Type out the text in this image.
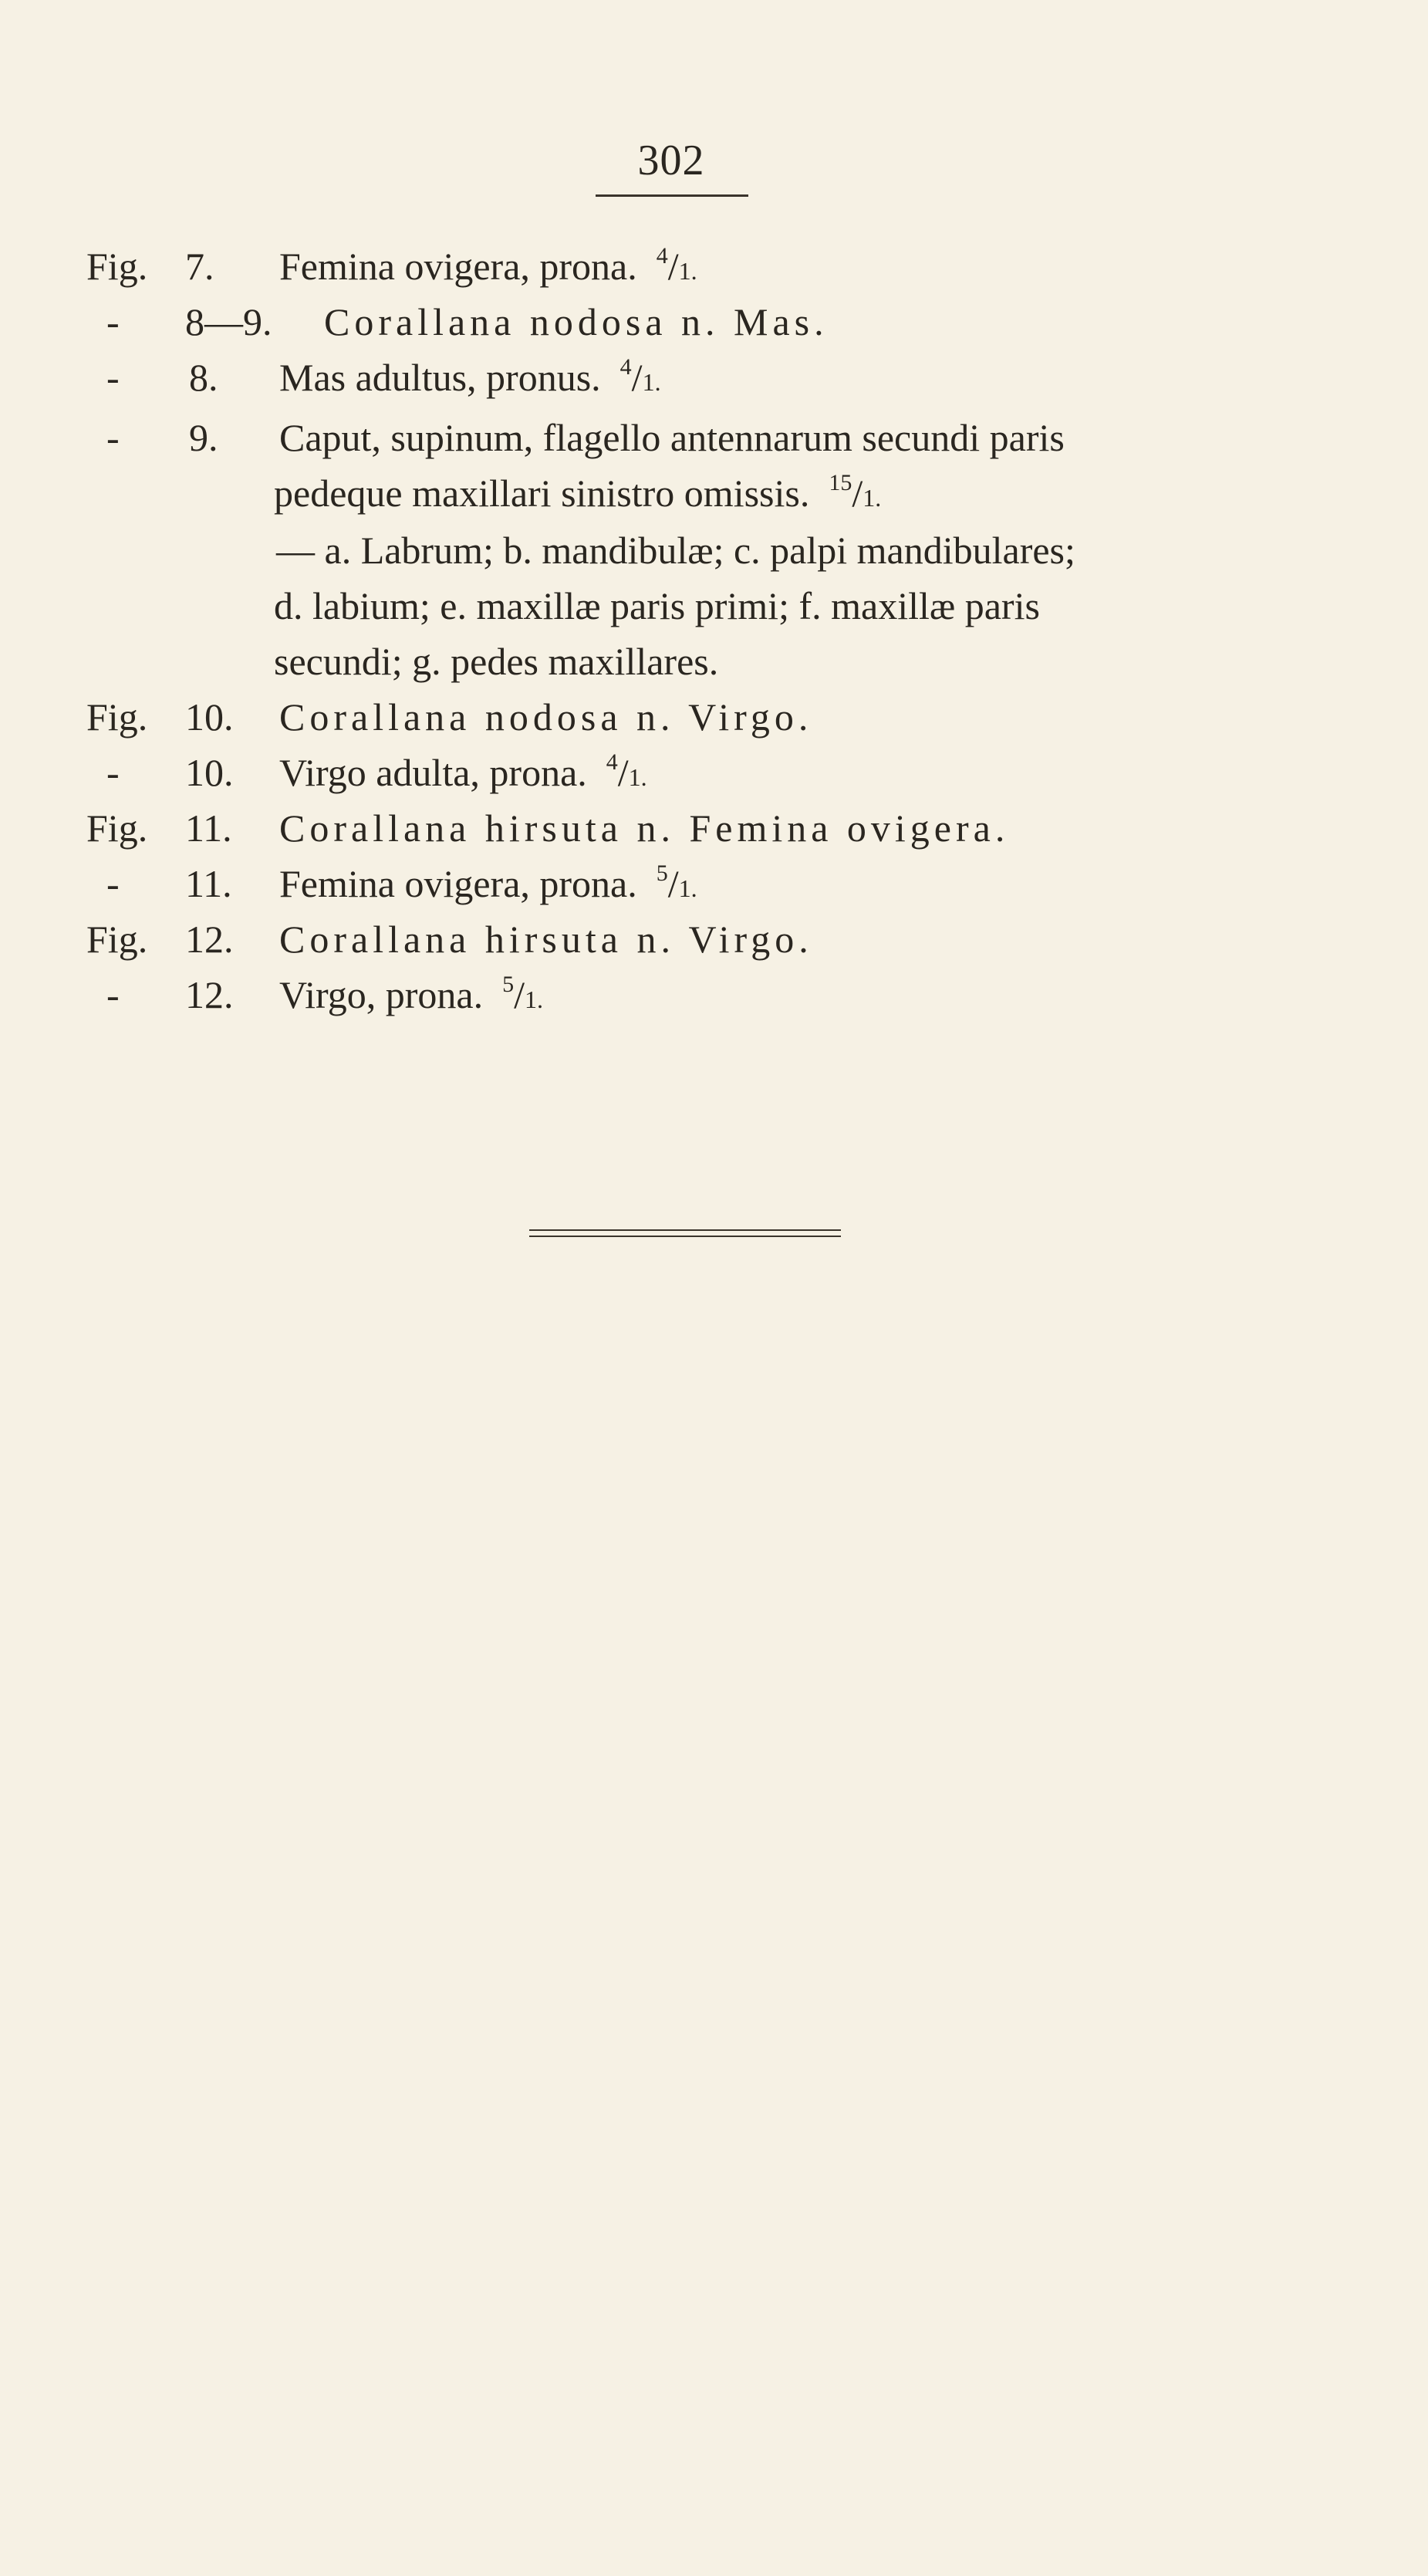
302
Fig. 7. Femina ovigera, prona. $^4$/1.
- 8—9. Corallana nodosa n. Mas.
- 8. Mas adultus, pronus. $^4$/1.
- 9. Caput, supinum, flagello antennarum secundi paris
pedeque maxillari sinistro omissis. $^{15}$/1.
— a. Labrum; b. mandibulæ; c. palpi mandibulares;
d. labium; e. maxillæ paris primi; f. maxillæ paris
secundi; g. pedes maxillares.
Fig. 10. Corallana nodosa n. Virgo.
- 10. Virgo adulta, prona. $^4$/1.
Fig. 11. Corallana hirsuta n. Femina ovigera.
- 11. Femina ovigera, prona. $^5$/1.
Fig. 12. Corallana hirsuta n. Virgo.
- 12. Virgo, prona. $^5$/1.
